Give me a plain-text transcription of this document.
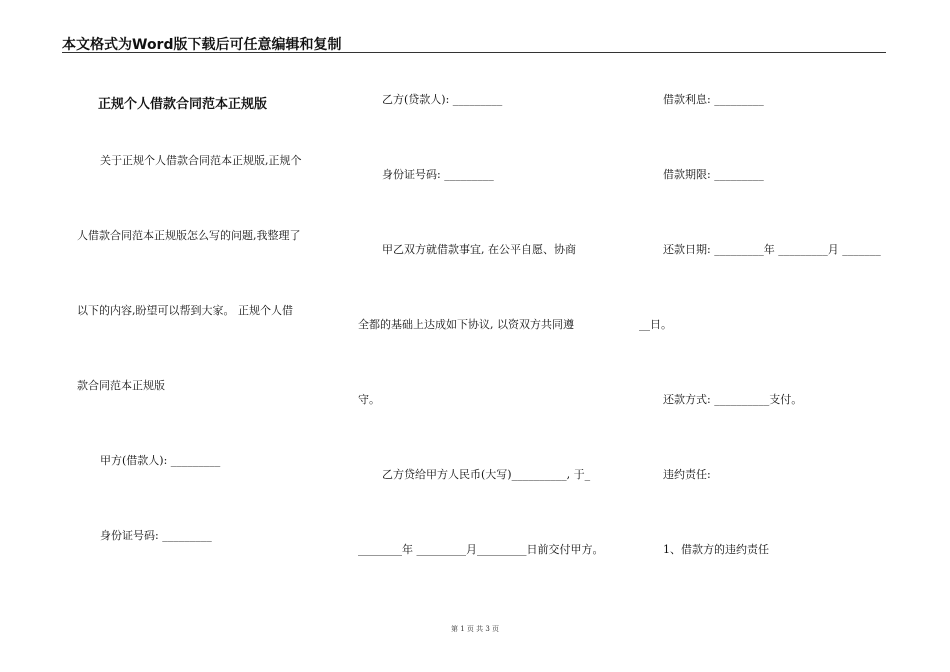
本文格式为Word版下载后可任意编辑和复制
正规个人借款合同范本正规版
关于正规个人借款合同范本正规版,正规个
人借款合同范本正规版怎么写的问题,我整理了
以下的内容,盼望可以帮到大家。 正规个人借
款合同范本正规版
甲方(借款人): _________
身份证号码: _________
乙方(贷款人): _________
身份证号码: _________
甲乙双方就借款事宜, 在公平自愿、协商
全都的基础上达成如下协议, 以资双方共同遵
守。
乙方贷给甲方人民币(大写)__________, 于_
________年 _________月_________日前交付甲方。
借款利息: _________
借款期限: _________
还款日期: _________年 _________月 _______
__日。
还款方式: __________支付。
违约责任:
1、借款方的违约责任
第 1 页 共 3 页
